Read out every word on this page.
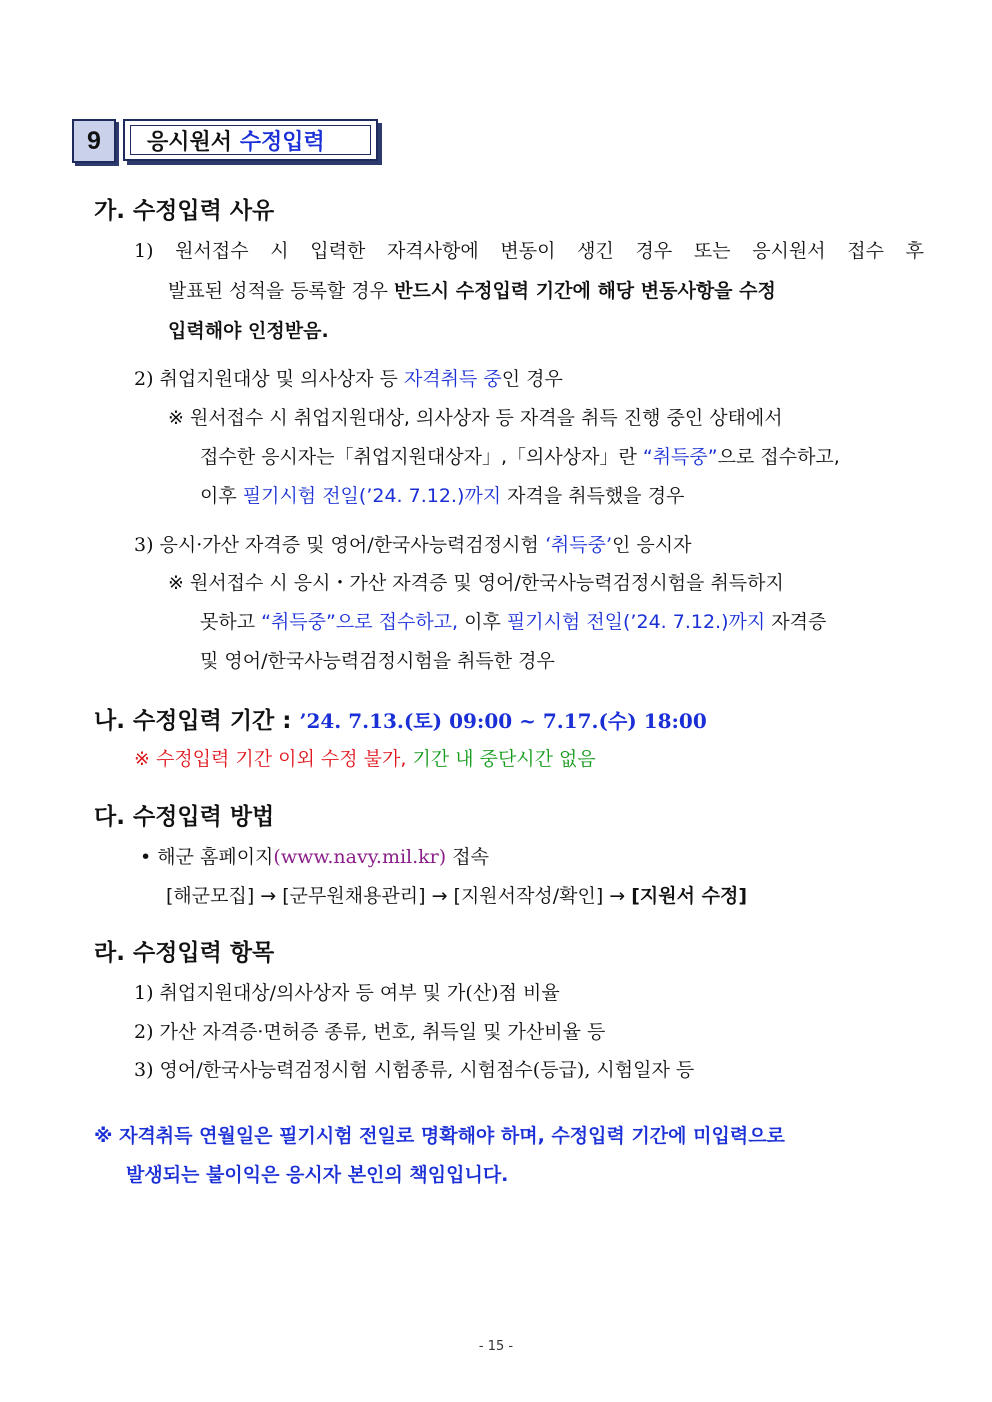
9	응시원서
수정입력
가. 수정입력 사유
1) 원서접수 시 입력한 자격사항에 변동이 생긴 경우 또는 응시원서 접수 후
발표된 성적을 등록할 경우 반드시 수정입력 기간에 해당 변동사항을 수정
입력해야 인정받음.
2) 취업지원대상 및 의사상자 등 자격취득 중인 경우
※ 원서접수 시 취업지원대상, 의사상자 등 자격을 취득 진행 중인 상태에서
접수한 응시자는「취업지원대상자」,「의사상자」란 “취득중”으로 접수하고,
이후 필기시험 전일(’24. 7.12.)까지 자격을 취득했을 경우
3) 응시·가산 자격증 및 영어/한국사능력검정시험 ‘취득중’인 응시자
※ 원서접수 시 응시・가산 자격증 및 영어/한국사능력검정시험을 취득하지
못하고 “취득중”으로 접수하고, 이후 필기시험 전일(’24. 7.12.)까지 자격증
및 영어/한국사능력검정시험을 취득한 경우
나. 수정입력 기간 : ’24. 7.13.(토) 09:00 ~ 7.17.(수) 18:00
※ 수정입력 기간 이외 수정 불가, 기간 내 중단시간 없음
다. 수정입력 방법
• 해군 홈페이지(www.navy.mil.kr) 접속
[해군모집] → [군무원채용관리] → [지원서작성/확인] → [지원서 수정]
라. 수정입력 항목
1) 취업지원대상/의사상자 등 여부 및 가(산)점 비율
2) 가산 자격증·면허증 종류, 번호, 취득일 및 가산비율 등
3) 영어/한국사능력검정시험 시험종류, 시험점수(등급), 시험일자 등
※ 자격취득 연월일은 필기시험 전일로 명확해야 하며, 수정입력 기간에 미입력으로
발생되는 불이익은 응시자 본인의 책임입니다.
- 15 -
